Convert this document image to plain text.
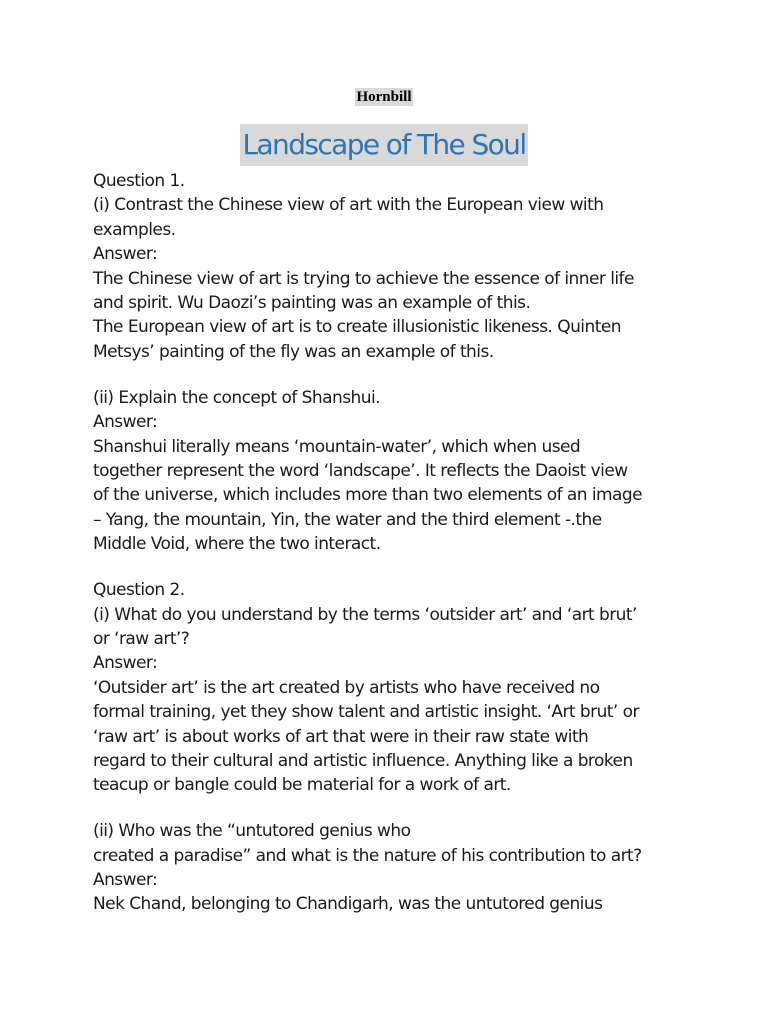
Hornbill
Landscape of The Soul

Question 1.

(i) Contrast the Chinese view of art with the European view with

examples.

Answer:

The Chinese view of art is trying to achieve the essence of inner life

and spirit. Wu Daozi’s painting was an example of this.

The European view of art is to create illusionistic likeness. Quinten

Metsys’ painting of the fly was an example of this.

(ii) Explain the concept of Shanshui.

Answer:

Shanshui literally means ‘mountain-water’, which when used

together represent the word ‘landscape’. It reflects the Daoist view

of the universe, which includes more than two elements of an image

– Yang, the mountain, Yin, the water and the third element -.the

Middle Void, where the two interact.

Question 2.

(i) What do you understand by the terms ‘outsider art’ and ‘art brut’

or ‘raw art’?

Answer:

‘Outsider art’ is the art created by artists who have received no

formal training, yet they show talent and artistic insight. ‘Art brut’ or

‘raw art’ is about works of art that were in their raw state with

regard to their cultural and artistic influence. Anything like a broken

teacup or bangle could be material for a work of art.

(ii) Who was the “untutored genius who

created a paradise” and what is the nature of his contribution to art?

Answer:

Nek Chand, belonging to Chandigarh, was the untutored genius
